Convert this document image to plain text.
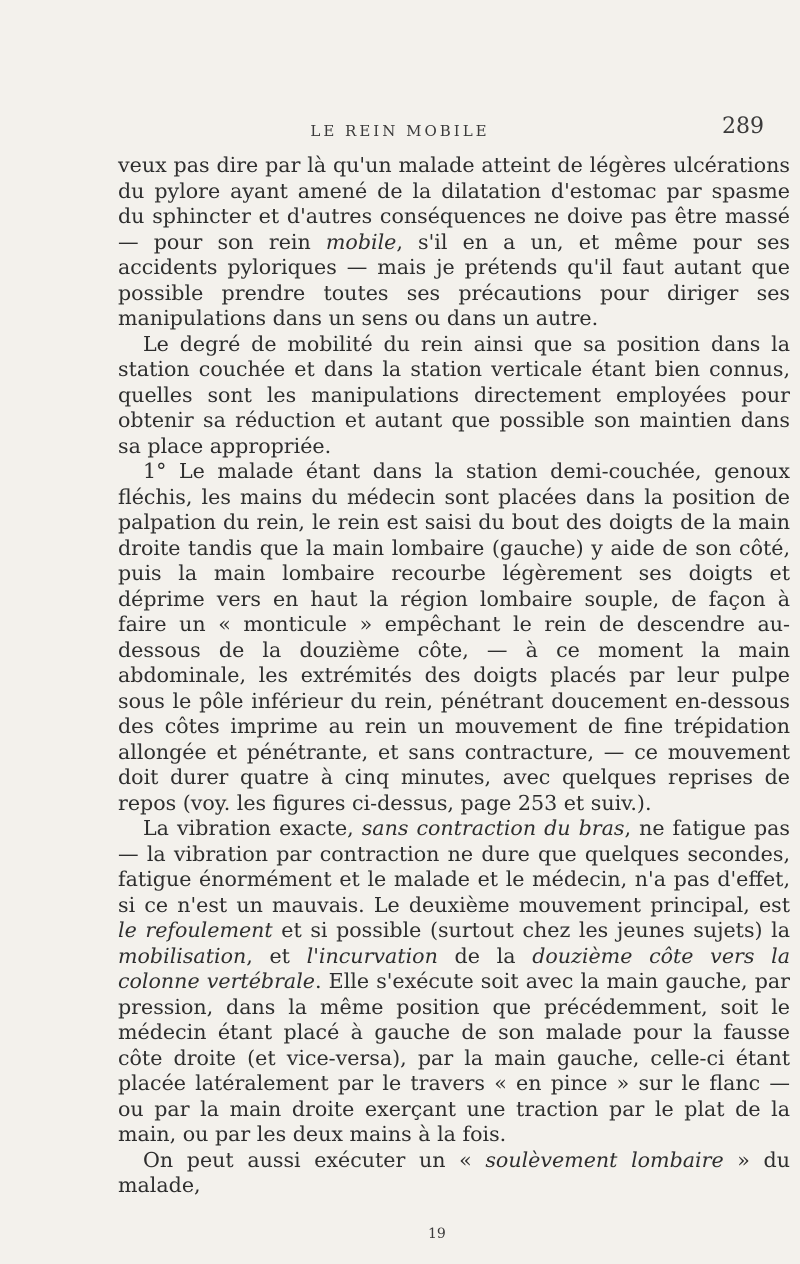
LE REIN MOBILE	289

veux pas dire par là qu'un malade atteint de légères ulcérations du pylore ayant amené de la dilatation d'estomac par spasme du sphincter et d'autres conséquences ne doive pas être massé — pour son rein mobile, s'il en a un, et même pour ses accidents pyloriques — mais je prétends qu'il faut autant que possible prendre toutes ses précautions pour diriger ses manipulations dans un sens ou dans un autre.

Le degré de mobilité du rein ainsi que sa position dans la station couchée et dans la station verticale étant bien connus, quelles sont les manipulations directement employées pour obtenir sa réduction et autant que possible son maintien dans sa place appropriée.

1° Le malade étant dans la station demi-couchée, genoux fléchis, les mains du médecin sont placées dans la position de palpation du rein, le rein est saisi du bout des doigts de la main droite tandis que la main lombaire (gauche) y aide de son côté, puis la main lombaire recourbe légèrement ses doigts et déprime vers en haut la région lombaire souple, de façon à faire un « monticule » empêchant le rein de descendre au-dessous de la douzième côte, — à ce moment la main abdominale, les extrémités des doigts placés par leur pulpe sous le pôle inférieur du rein, pénétrant doucement en-dessous des côtes imprime au rein un mouvement de fine trépidation allongée et pénétrante, et sans contracture, — ce mouvement doit durer quatre à cinq minutes, avec quelques reprises de repos (voy. les figures ci-dessus, page 253 et suiv.).

La vibration exacte, sans contraction du bras, ne fatigue pas — la vibration par contraction ne dure que quelques secondes, fatigue énormément et le malade et le médecin, n'a pas d'effet, si ce n'est un mauvais. Le deuxième mouvement principal, est le refoulement et si possible (surtout chez les jeunes sujets) la mobilisation, et l'incurvation de la douzième côte vers la colonne vertébrale. Elle s'exécute soit avec la main gauche, par pression, dans la même position que précédemment, soit le médecin étant placé à gauche de son malade pour la fausse côte droite (et vice-versa), par la main gauche, celle-ci étant placée latéralement par le travers « en pince » sur le flanc — ou par la main droite exerçant une traction par le plat de la main, ou par les deux mains à la fois.

On peut aussi exécuter un « soulèvement lombaire » du malade,

19
